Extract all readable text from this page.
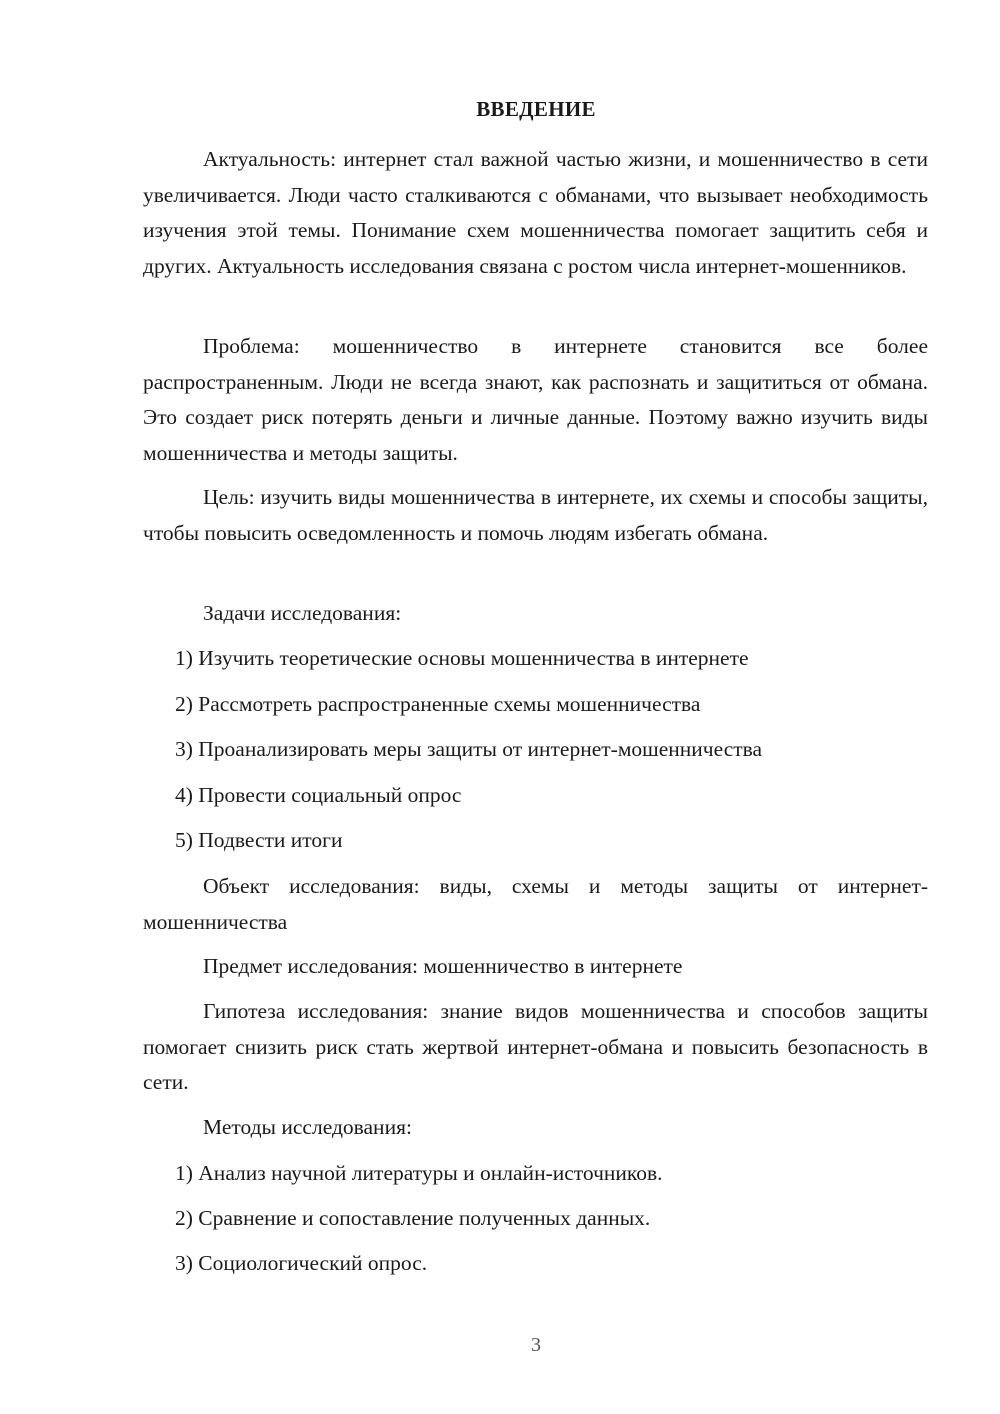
ВВЕДЕНИЕ

Актуальность: интернет стал важной частью жизни, и мошенничество в сети увеличивается. Люди часто сталкиваются с обманами, что вызывает необходимость изучения этой темы. Понимание схем мошенничества помогает защитить себя и других. Актуальность исследования связана с ростом числа интернет-мошенников.

Проблема: мошенничество в интернете становится все более распространенным. Люди не всегда знают, как распознать и защититься от обмана. Это создает риск потерять деньги и личные данные. Поэтому важно изучить виды мошенничества и методы защиты.

Цель: изучить виды мошенничества в интернете, их схемы и способы защиты, чтобы повысить осведомленность и помочь людям избегать обмана.

Задачи исследования:

1) Изучить теоретические основы мошенничества в интернете

2) Рассмотреть распространенные схемы мошенничества

3) Проанализировать меры защиты от интернет-мошенничества

4) Провести социальный опрос

5) Подвести итоги

Объект исследования: виды, схемы и методы защиты от интернет-мошенничества

Предмет исследования: мошенничество в интернете

Гипотеза исследования: знание видов мошенничества и способов защиты помогает снизить риск стать жертвой интернет-обмана и повысить безопасность в сети.

Методы исследования:

1) Анализ научной литературы и онлайн-источников.

2) Сравнение и сопоставление полученных данных.

3) Социологический опрос.

3
